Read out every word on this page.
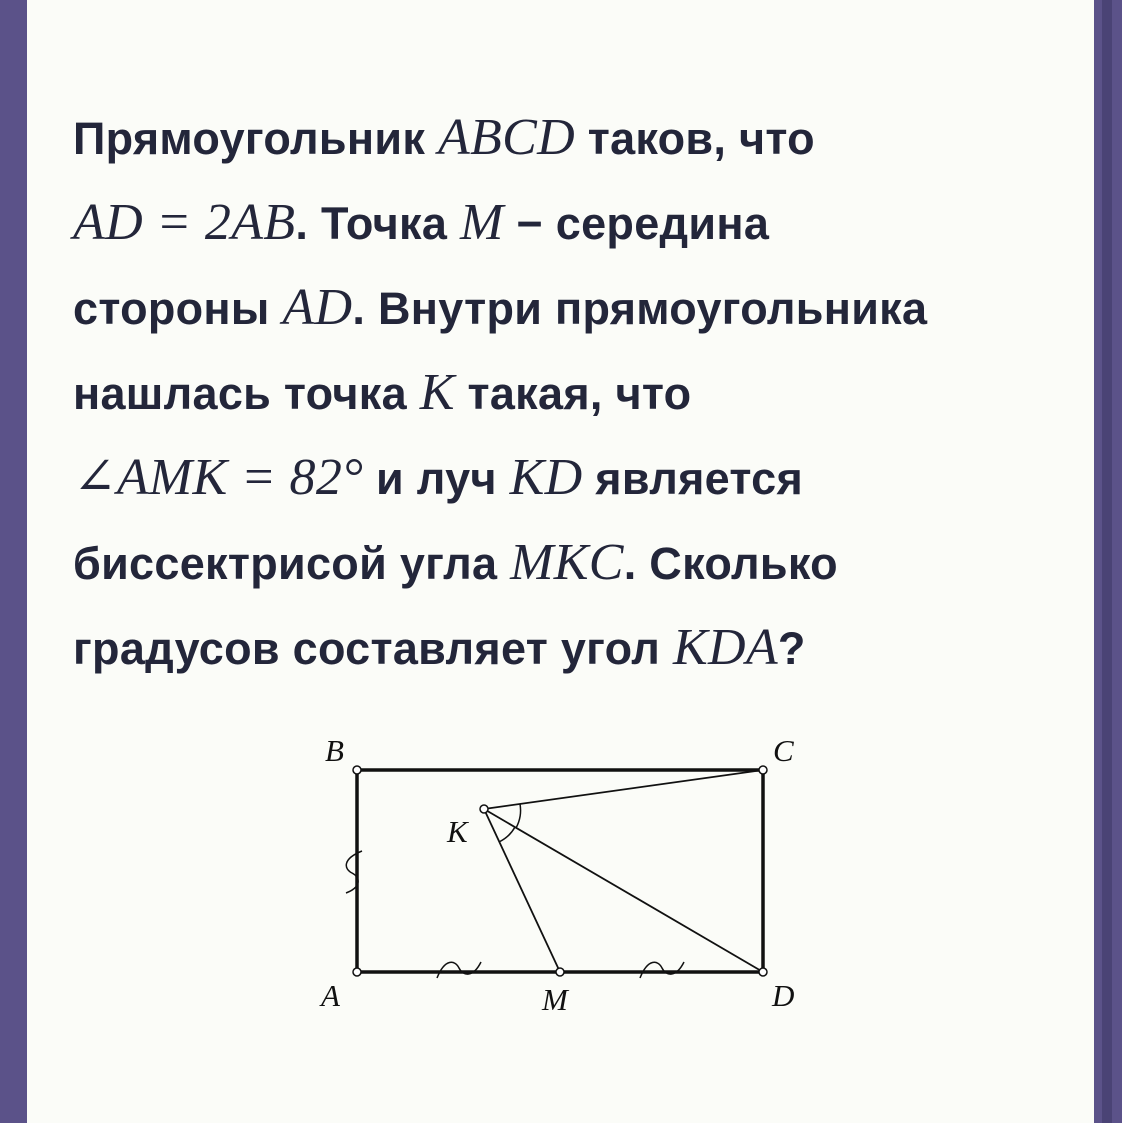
Прямоугольник ABCD таков, что
AD = 2AB. Точка M − середина
стороны AD. Внутри прямоугольника
нашлась точка K такая, что
∠AMK = 82° и луч KD является
биссектрисой угла MKC. Сколько
градусов составляет угол KDA?
B	C
A	D
M
K
